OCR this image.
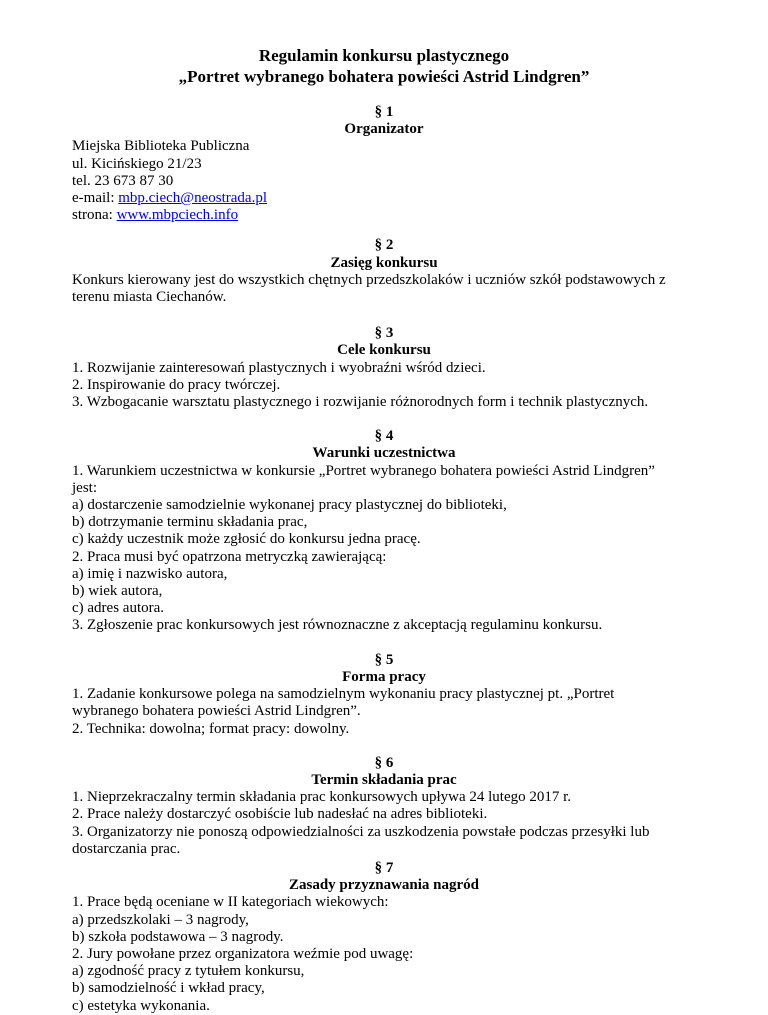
Regulamin konkursu plastycznego

„Portret wybranego bohatera powieści Astrid Lindgren”

§ 1
Organizator

Miejska Biblioteka Publiczna

ul. Kicińskiego 21/23

tel. 23 673 87 30

e-mail: mbp.ciech@neostrada.pl

strona: www.mbpciech.info

§ 2
Zasięg konkursu

Konkurs kierowany jest do wszystkich chętnych przedszkolaków i uczniów szkół podstawowych z

terenu miasta Ciechanów.

§ 3
Cele konkursu

1. Rozwijanie zainteresowań plastycznych i wyobraźni wśród dzieci.

2. Inspirowanie do pracy twórczej.

3. Wzbogacanie warsztatu plastycznego i rozwijanie różnorodnych form i technik plastycznych.

§ 4
Warunki uczestnictwa

1. Warunkiem uczestnictwa w konkursie „Portret wybranego bohatera powieści Astrid Lindgren”

jest:

a) dostarczenie samodzielnie wykonanej pracy plastycznej do biblioteki,

b) dotrzymanie terminu składania prac,

c) każdy uczestnik może zgłosić do konkursu jedna pracę.

2. Praca musi być opatrzona metryczką zawierającą:

a) imię i nazwisko autora,

b) wiek autora,

c) adres autora.

3. Zgłoszenie prac konkursowych jest równoznaczne z akceptacją regulaminu konkursu.

§ 5
Forma pracy

1. Zadanie konkursowe polega na samodzielnym wykonaniu pracy plastycznej pt. „Portret

wybranego bohatera powieści Astrid Lindgren”.

2. Technika: dowolna; format pracy: dowolny.

§ 6
Termin składania prac

1. Nieprzekraczalny termin składania prac konkursowych upływa 24 lutego 2017 r.

2. Prace należy dostarczyć osobiście lub nadesłać na adres biblioteki.

3. Organizatorzy nie ponoszą odpowiedzialności za uszkodzenia powstałe podczas przesyłki lub

dostarczania prac.

§ 7
Zasady przyznawania nagród

1. Prace będą oceniane w II kategoriach wiekowych:

a) przedszkolaki – 3 nagrody,

b) szkoła podstawowa – 3 nagrody.

2. Jury powołane przez organizatora weźmie pod uwagę:

a) zgodność pracy z tytułem konkursu,

b) samodzielność i wkład pracy,

c) estetyka wykonania.
